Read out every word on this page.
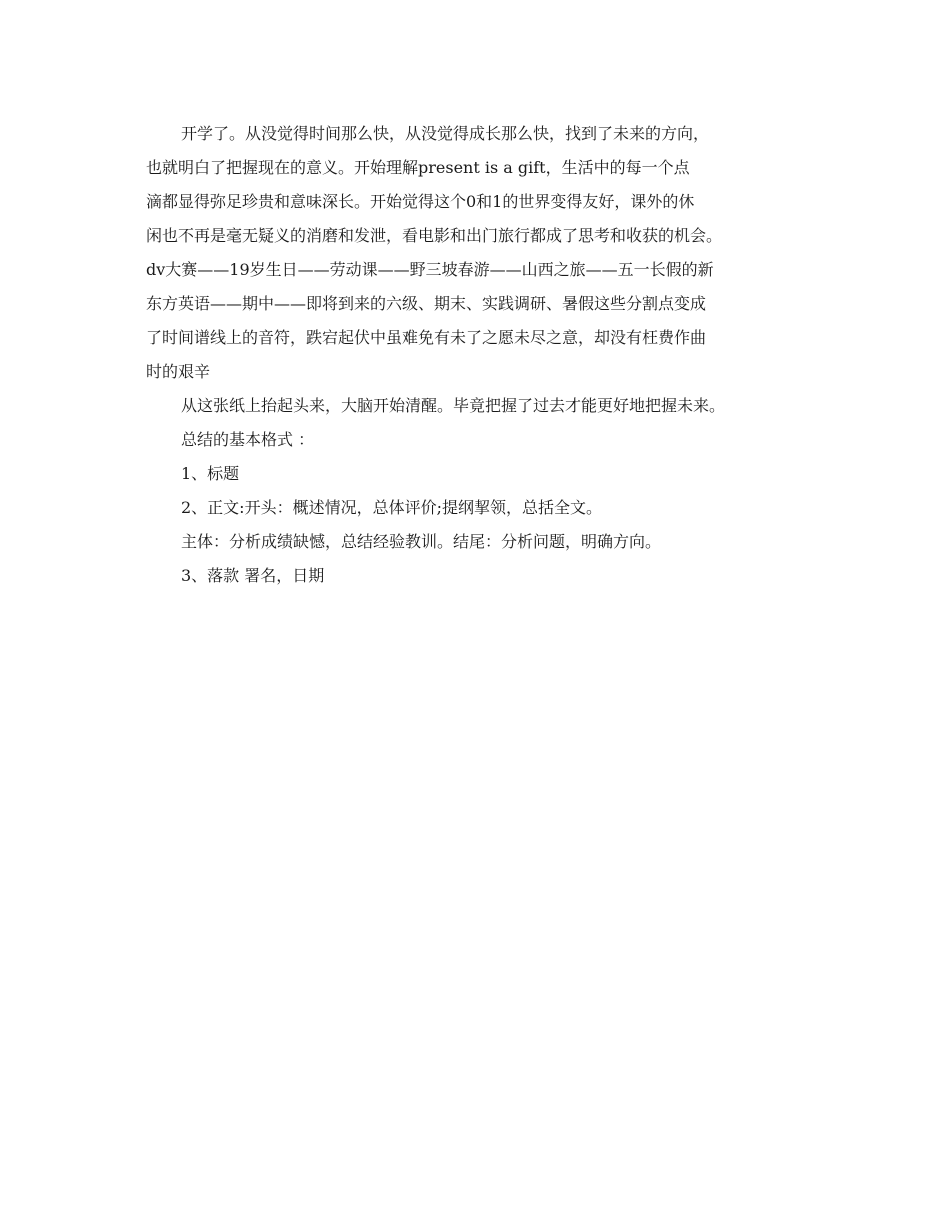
开学了。从没觉得时间那么快，从没觉得成长那么快，找到了未来的方向，
也就明白了把握现在的意义。开始理解present is a gift，生活中的每一个点
滴都显得弥足珍贵和意味深长。开始觉得这个0和1的世界变得友好，课外的休
闲也不再是毫无疑义的消磨和发泄，看电影和出门旅行都成了思考和收获的机会。
dv大赛——19岁生日——劳动课——野三坡春游——山西之旅——五一长假的新
东方英语——期中——即将到来的六级、期末、实践调研、暑假这些分割点变成
了时间谱线上的音符，跌宕起伏中虽难免有未了之愿未尽之意，却没有枉费作曲
时的艰辛
从这张纸上抬起头来，大脑开始清醒。毕竟把握了过去才能更好地把握未来。
总结的基本格式 ：
1、标题
2、正文:开头：概述情况，总体评价;提纲挈领，总括全文。
主体：分析成绩缺憾，总结经验教训。结尾：分析问题，明确方向。
3、落款 署名，日期
